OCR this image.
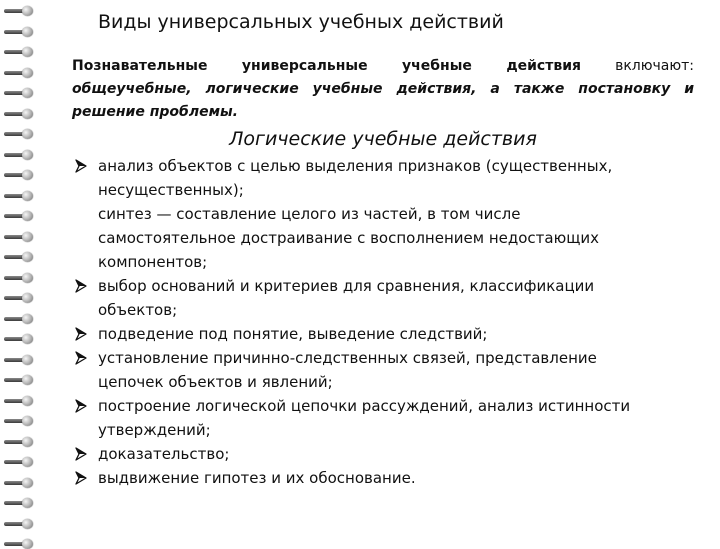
Виды универсальных учебных действий
Познавательные универсальные учебные действия включают: общеучебные, логические учебные действия, а также постановку и решение проблемы.
Логические учебные действия
анализ объектов с целью выделения признаков (существенных, несущественных);
синтез — составление целого из частей, в том числе самостоятельное достраивание с восполнением недостающих компонентов;
выбор оснований и критериев для сравнения, классификации объектов;
подведение под понятие, выведение следствий;
установление причинно-следственных связей, представление цепочек объектов и явлений;
построение логической цепочки рассуждений, анализ истинности утверждений;
доказательство;
выдвижение гипотез и их обоснование.
